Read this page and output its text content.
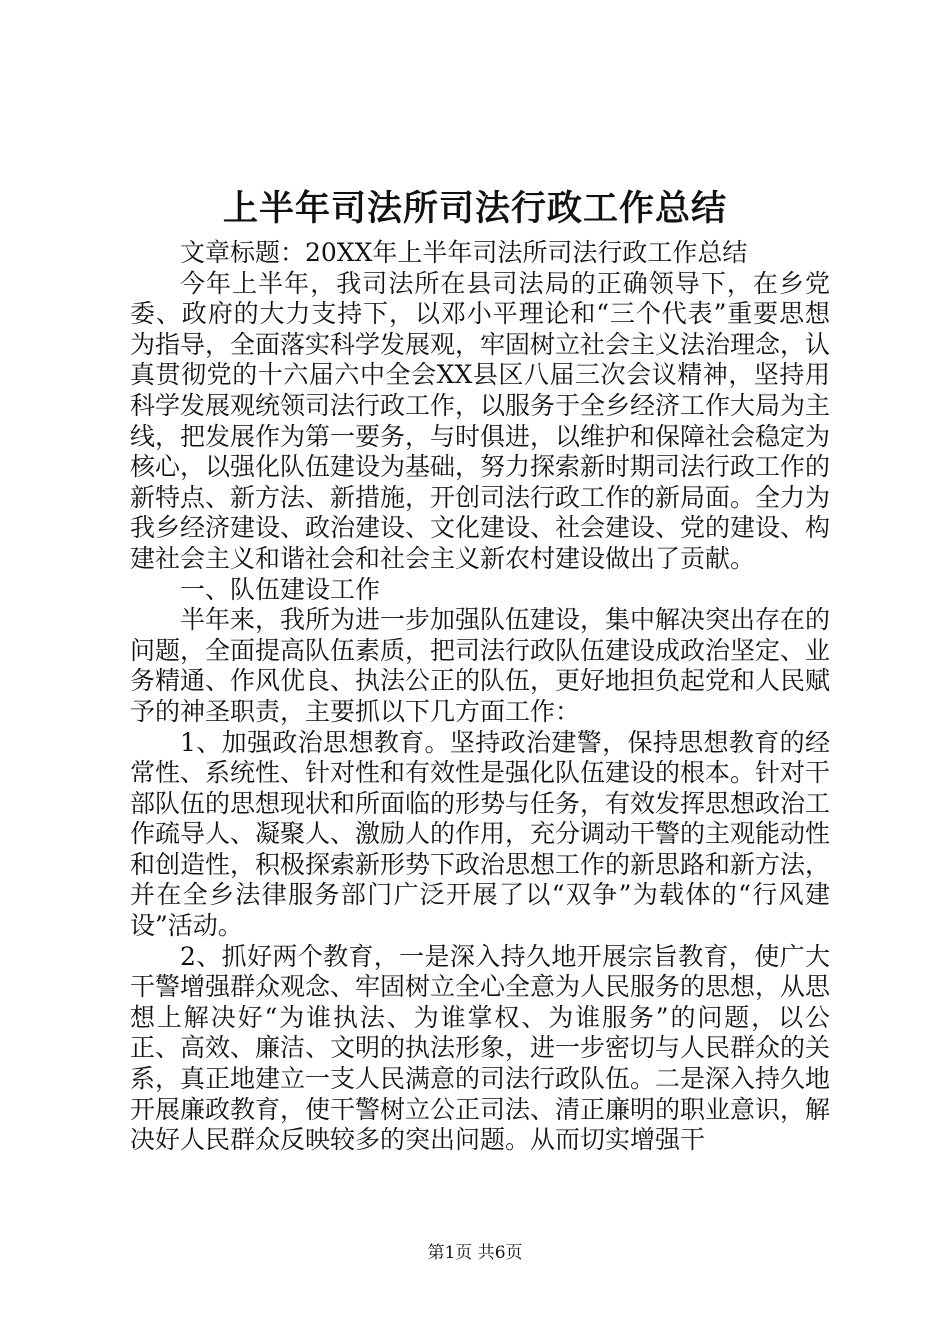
上半年司法所司法行政工作总结

文章标题：20XX年上半年司法所司法行政工作总结

今年上半年，我司法所在县司法局的正确领导下，在乡党委、政府的大力支持下，以邓小平理论和“三个代表”重要思想为指导，全面落实科学发展观，牢固树立社会主义法治理念，认真贯彻党的十六届六中全会XX县区八届三次会议精神，坚持用科学发展观统领司法行政工作，以服务于全乡经济工作大局为主线，把发展作为第一要务，与时俱进，以维护和保障社会稳定为核心，以强化队伍建设为基础，努力探索新时期司法行政工作的新特点、新方法、新措施，开创司法行政工作的新局面。全力为我乡经济建设、政治建设、文化建设、社会建设、党的建设、构建社会主义和谐社会和社会主义新农村建设做出了贡献。

一、队伍建设工作

半年来，我所为进一步加强队伍建设，集中解决突出存在的问题，全面提高队伍素质，把司法行政队伍建设成政治坚定、业务精通、作风优良、执法公正的队伍，更好地担负起党和人民赋予的神圣职责，主要抓以下几方面工作：

1、加强政治思想教育。坚持政治建警，保持思想教育的经常性、系统性、针对性和有效性是强化队伍建设的根本。针对干部队伍的思想现状和所面临的形势与任务，有效发挥思想政治工作疏导人、凝聚人、激励人的作用，充分调动干警的主观能动性和创造性，积极探索新形势下政治思想工作的新思路和新方法，并在全乡法律服务部门广泛开展了以“双争”为载体的“行风建设”活动。

2、抓好两个教育，一是深入持久地开展宗旨教育，使广大干警增强群众观念、牢固树立全心全意为人民服务的思想，从思想上解决好“为谁执法、为谁掌权、为谁服务”的问题，以公正、高效、廉洁、文明的执法形象，进一步密切与人民群众的关系，真正地建立一支人民满意的司法行政队伍。二是深入持久地开展廉政教育，使干警树立公正司法、清正廉明的职业意识，解决好人民群众反映较多的突出问题。从而切实增强干

第1页 共6页
